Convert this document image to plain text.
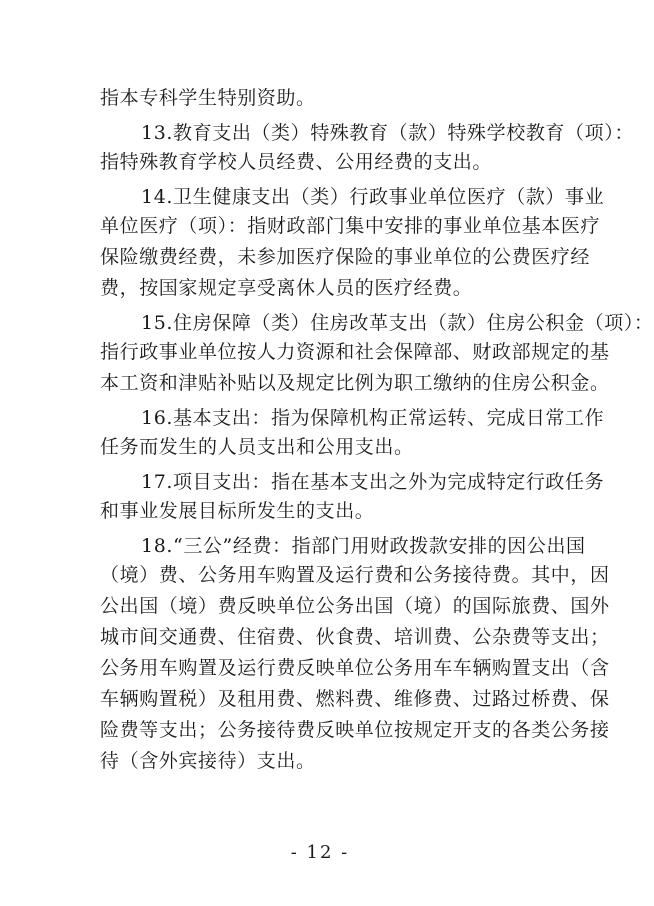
指本专科学生特别资助。
13.教育支出（类）特殊教育（款）特殊学校教育（项）：
指特殊教育学校人员经费、公用经费的支出。
14.卫生健康支出（类）行政事业单位医疗（款）事业
单位医疗（项）：指财政部门集中安排的事业单位基本医疗
保险缴费经费，未参加医疗保险的事业单位的公费医疗经
费，按国家规定享受离休人员的医疗经费。
15.住房保障（类）住房改革支出（款）住房公积金（项）：
指行政事业单位按人力资源和社会保障部、财政部规定的基
本工资和津贴补贴以及规定比例为职工缴纳的住房公积金。
16.基本支出：指为保障机构正常运转、完成日常工作
任务而发生的人员支出和公用支出。
17.项目支出：指在基本支出之外为完成特定行政任务
和事业发展目标所发生的支出。
18.“三公”经费：指部门用财政拨款安排的因公出国
（境）费、公务用车购置及运行费和公务接待费。其中，因
公出国（境）费反映单位公务出国（境）的国际旅费、国外
城市间交通费、住宿费、伙食费、培训费、公杂费等支出；
公务用车购置及运行费反映单位公务用车车辆购置支出（含
车辆购置税）及租用费、燃料费、维修费、过路过桥费、保
险费等支出；公务接待费反映单位按规定开支的各类公务接
待（含外宾接待）支出。
- 12 -
